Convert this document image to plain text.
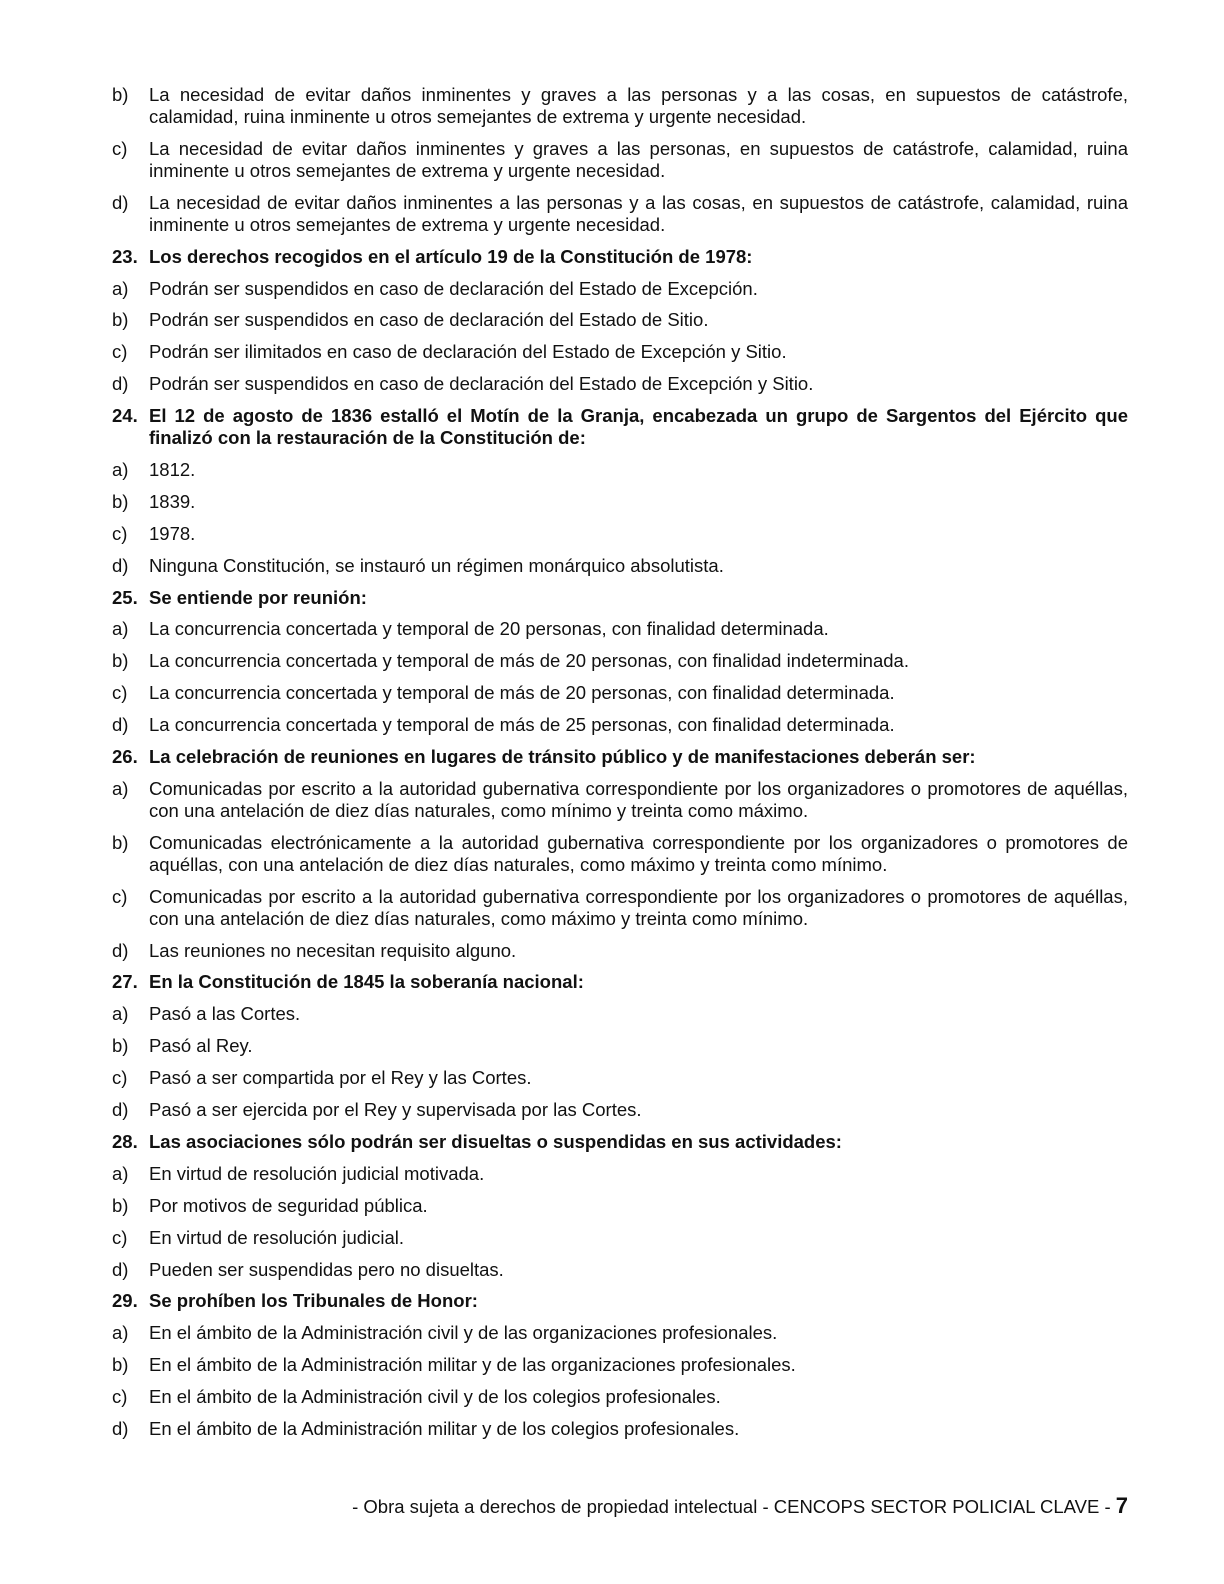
b)	La necesidad de evitar daños inminentes y graves a las personas y a las cosas, en supuestos de catástrofe, calamidad, ruina inminente u otros semejantes de extrema y urgente necesidad.
c)	La necesidad de evitar daños inminentes y graves a las personas, en supuestos de catástrofe, calamidad, ruina inminente u otros semejantes de extrema y urgente necesidad.
d)	La necesidad de evitar daños inminentes a las personas y a las cosas, en supuestos de catástrofe, calamidad, ruina inminente u otros semejantes de extrema y urgente necesidad.
23. Los derechos recogidos en el artículo 19 de la Constitución de 1978:
a)	Podrán ser suspendidos en caso de declaración del Estado de Excepción.
b)	Podrán ser suspendidos en caso de declaración del Estado de Sitio.
c)	Podrán ser ilimitados en caso de declaración del Estado de Excepción y Sitio.
d)	Podrán ser suspendidos en caso de declaración del Estado de Excepción y Sitio.
24. El 12 de agosto de 1836 estalló el Motín de la Granja, encabezada un grupo de Sargentos del Ejército que finalizó con la restauración de la Constitución de:
a)	1812.
b)	1839.
c)	1978.
d)	Ninguna Constitución, se instauró un régimen monárquico absolutista.
25. Se entiende por reunión:
a)	La concurrencia concertada y temporal de 20 personas, con finalidad determinada.
b)	La concurrencia concertada y temporal de más de 20 personas, con finalidad indeterminada.
c)	La concurrencia concertada y temporal de más de 20 personas, con finalidad determinada.
d)	La concurrencia concertada y temporal de más de 25 personas, con finalidad determinada.
26. La celebración de reuniones en lugares de tránsito público y de manifestaciones deberán ser:
a)	Comunicadas por escrito a la autoridad gubernativa correspondiente por los organizadores o promotores de aquéllas, con una antelación de diez días naturales, como mínimo y treinta como máximo.
b)	Comunicadas electrónicamente a la autoridad gubernativa correspondiente por los organizadores o promotores de aquéllas, con una antelación de diez días naturales, como máximo y treinta como mínimo.
c)	Comunicadas por escrito a la autoridad gubernativa correspondiente por los organizadores o promotores de aquéllas, con una antelación de diez días naturales, como máximo y treinta como mínimo.
d)	Las reuniones no necesitan requisito alguno.
27. En la Constitución de 1845 la soberanía nacional:
a)	Pasó a las Cortes.
b)	Pasó al Rey.
c)	Pasó a ser compartida por el Rey y las Cortes.
d)	Pasó a ser ejercida por el Rey y supervisada por las Cortes.
28. Las asociaciones sólo podrán ser disueltas o suspendidas en sus actividades:
a)	En virtud de resolución judicial motivada.
b)	Por motivos de seguridad pública.
c)	En virtud de resolución judicial.
d)	Pueden ser suspendidas pero no disueltas.
29. Se prohíben los Tribunales de Honor:
a)	En el ámbito de la Administración civil y de las organizaciones profesionales.
b)	En el ámbito de la Administración militar y de las organizaciones profesionales.
c)	En el ámbito de la Administración civil y de los colegios profesionales.
d)	En el ámbito de la Administración militar y de los colegios profesionales.
- Obra sujeta a derechos de propiedad intelectual - CENCOPS SECTOR POLICIAL CLAVE - 7
